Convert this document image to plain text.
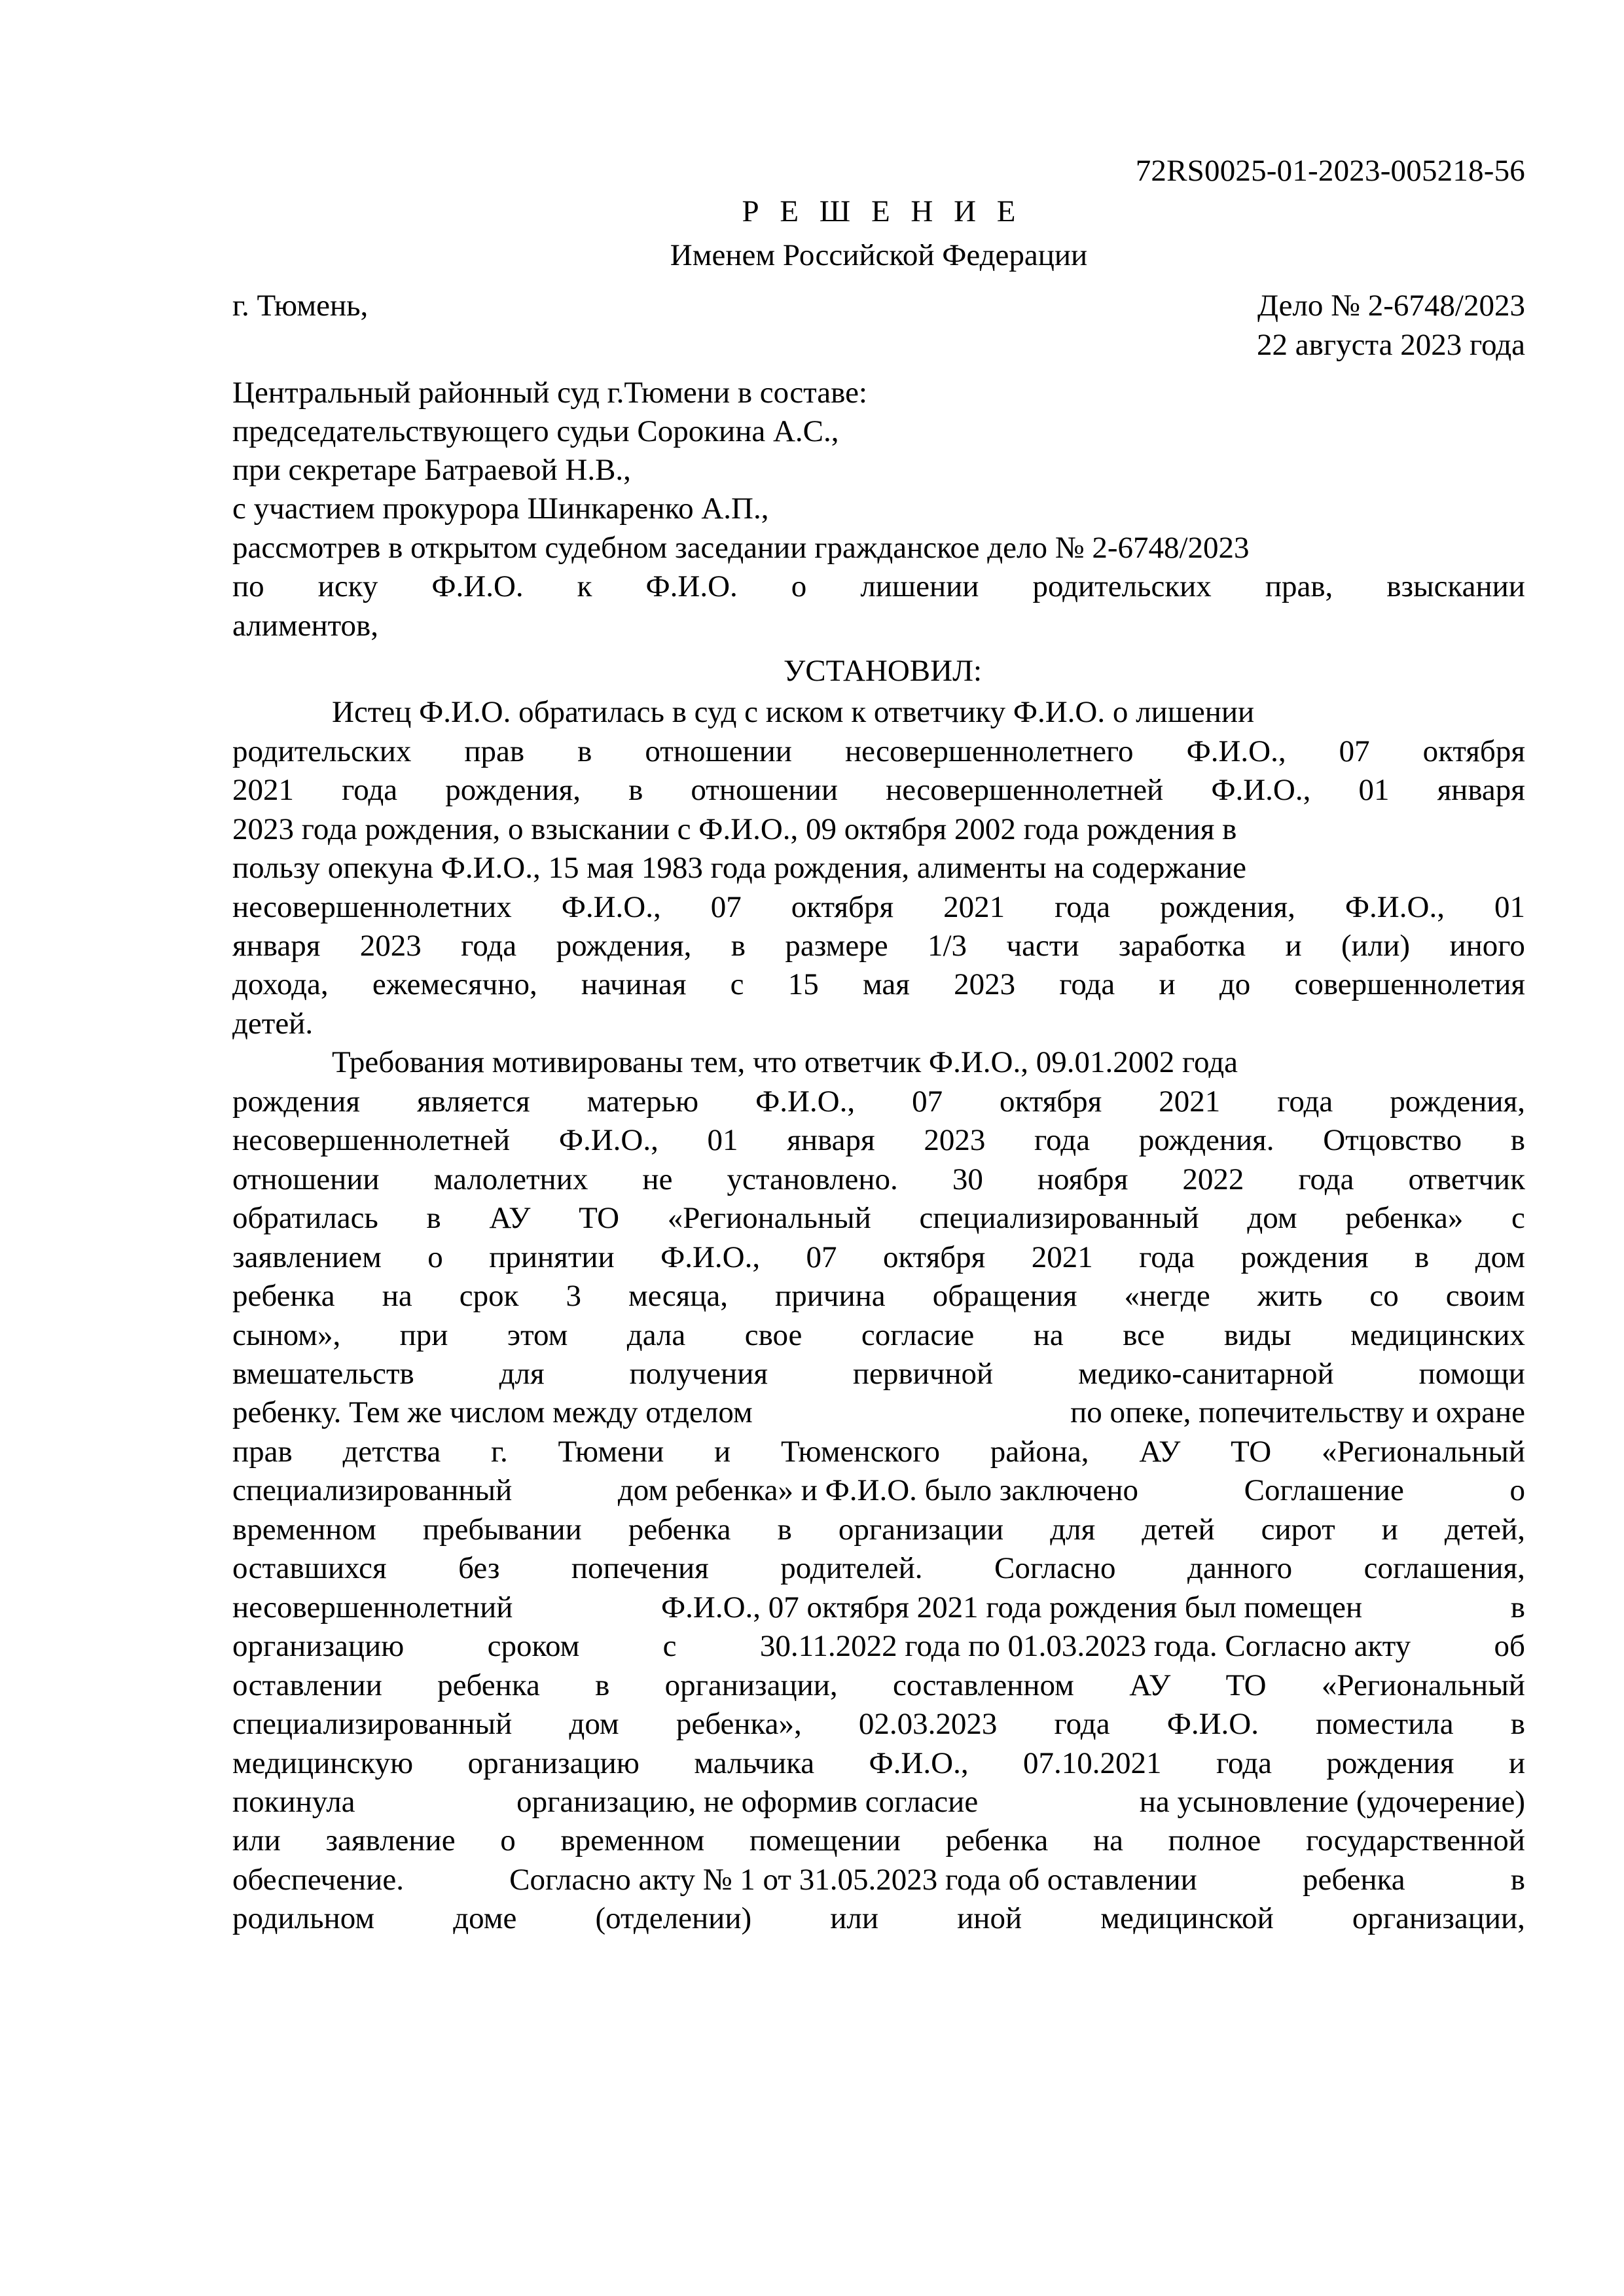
72RS0025-01-2023-005218-56
Р Е Ш Е Н И Е
Именем Российской Федерации
г. Тюмень,	Дело № 2-6748/2023
22 августа 2023 года
Центральный районный суд г.Тюмени в составе:
председательствующего судьи Сорокина А.С.,
при секретаре Батраевой Н.В.,
с участием прокурора Шинкаренко А.П.,
рассмотрев в открытом судебном заседании гражданское дело № 2-6748/2023
по иску Ф.И.О. к Ф.И.О. о лишении родительских прав, взыскании
алиментов,
УСТАНОВИЛ:
Истец Ф.И.О. обратилась в суд с иском к ответчику Ф.И.О. о лишении
родительских прав в отношении несовершеннолетнего Ф.И.О., 07 октября
2021 года рождения, в отношении несовершеннолетней Ф.И.О., 01 января
2023 года рождения, о взыскании с Ф.И.О., 09 октября 2002 года рождения в
пользу опекуна Ф.И.О., 15 мая 1983 года рождения, алименты на содержание
несовершеннолетних Ф.И.О., 07 октября 2021 года рождения, Ф.И.О., 01
января 2023 года рождения, в размере 1/3 части заработка и (или) иного
дохода, ежемесячно, начиная с 15 мая 2023 года и до совершеннолетия
детей.
Требования мотивированы тем, что ответчик Ф.И.О., 09.01.2002 года
рождения является матерью Ф.И.О., 07 октября 2021 года рождения,
несовершеннолетней Ф.И.О., 01 января 2023 года рождения. Отцовство в
отношении малолетних не установлено. 30 ноября 2022 года ответчик
обратилась в АУ ТО «Региональный специализированный дом ребенка» с
заявлением о принятии Ф.И.О., 07 октября 2021 года рождения в дом
ребенка на срок 3 месяца, причина обращения «негде жить со своим
сыном», при этом дала свое согласие на все виды медицинских
вмешательств	для	получения	первичной	медико-санитарной	помощи
ребенку. Тем же числом между отделом	по опеке, попечительству и охране
прав детства г. Тюмени и Тюменского района, АУ ТО «Региональный
специализированный	дом ребенка» и Ф.И.О. было заключено	Соглашение	о
временном пребывании ребенка в организации для детей сирот и детей,
оставшихся без попечения родителей. Согласно данного соглашения,
несовершеннолетний	Ф.И.О., 07 октября 2021 года рождения был помещен	в
организацию	сроком	с	30.11.2022 года по 01.03.2023 года. Согласно акту	об
оставлении ребенка в организации, составленном АУ ТО «Региональный
специализированный дом ребенка», 02.03.2023 года Ф.И.О. поместила в
медицинскую организацию мальчика Ф.И.О., 07.10.2021 года рождения и
покинула	организацию, не оформив согласие	на усыновление (удочерение)
или заявление о временном помещении ребенка на полное государственной
обеспечение.	Согласно акту № 1 от 31.05.2023 года об оставлении	ребенка	в
родильном	доме	(отделении)	или	иной	медицинской	организации,
